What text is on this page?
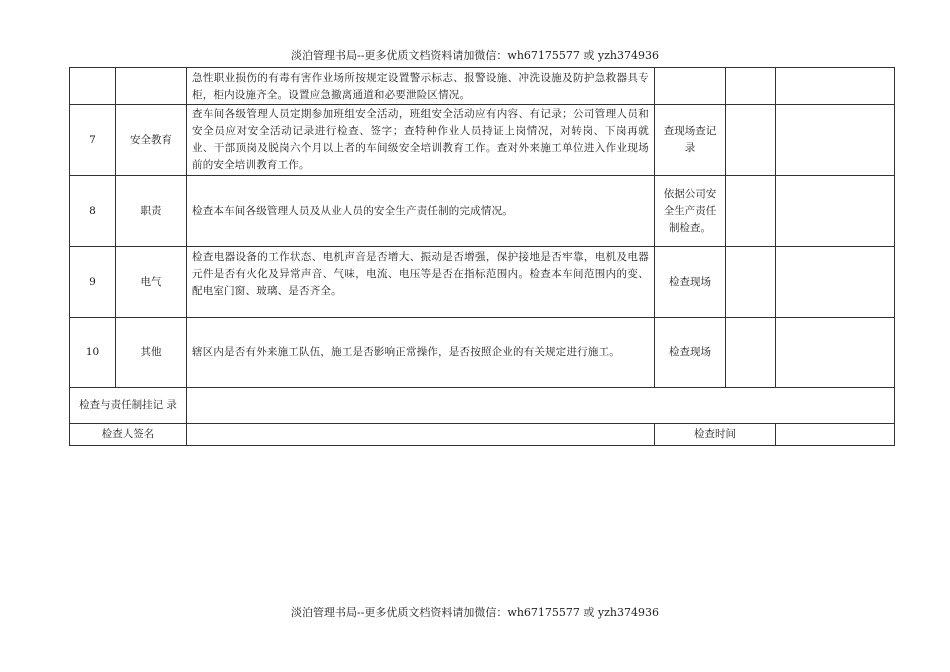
淡泊管理书局--更多优质文档资料请加微信：wh67175577 或 yzh374936
		急性职业损伤的有毒有害作业场所按规定设置警示标志、报警设施、冲洗设施及防护急救器具专柜，柜内设施齐全。设置应急撤离通道和必要泄险区情况。			
7	安全教育	查车间各级管理人员定期参加班组安全活动，班组安全活动应有内容、有记录；公司管理人员和安全员应对安全活动记录进行检查、签字；查特种作业人员持证上岗情况，对转岗、下岗再就业、干部顶岗及脱岗六个月以上者的车间级安全培训教育工作。查对外来施工单位进入作业现场前的安全培训教育工作。	查现场查记录		
8	职责	检查本车间各级管理人员及从业人员的安全生产责任制的完成情况。	依据公司安全生产责任制检查。		
9	电气	检查电器设备的工作状态、电机声音是否增大、振动是否增强，保护接地是否牢靠，电机及电器元件是否有火化及异常声音、气味，电流、电压等是否在指标范围内。检查本车间范围内的变、配电室门窗、玻璃、是否齐全。	检查现场		
10	其他	辖区内是否有外来施工队伍，施工是否影响正常操作，是否按照企业的有关规定进行施工。	检查现场		
检查与责任制挂记 录					
检查人签名			检查时间		
淡泊管理书局--更多优质文档资料请加微信：wh67175577 或 yzh374936
